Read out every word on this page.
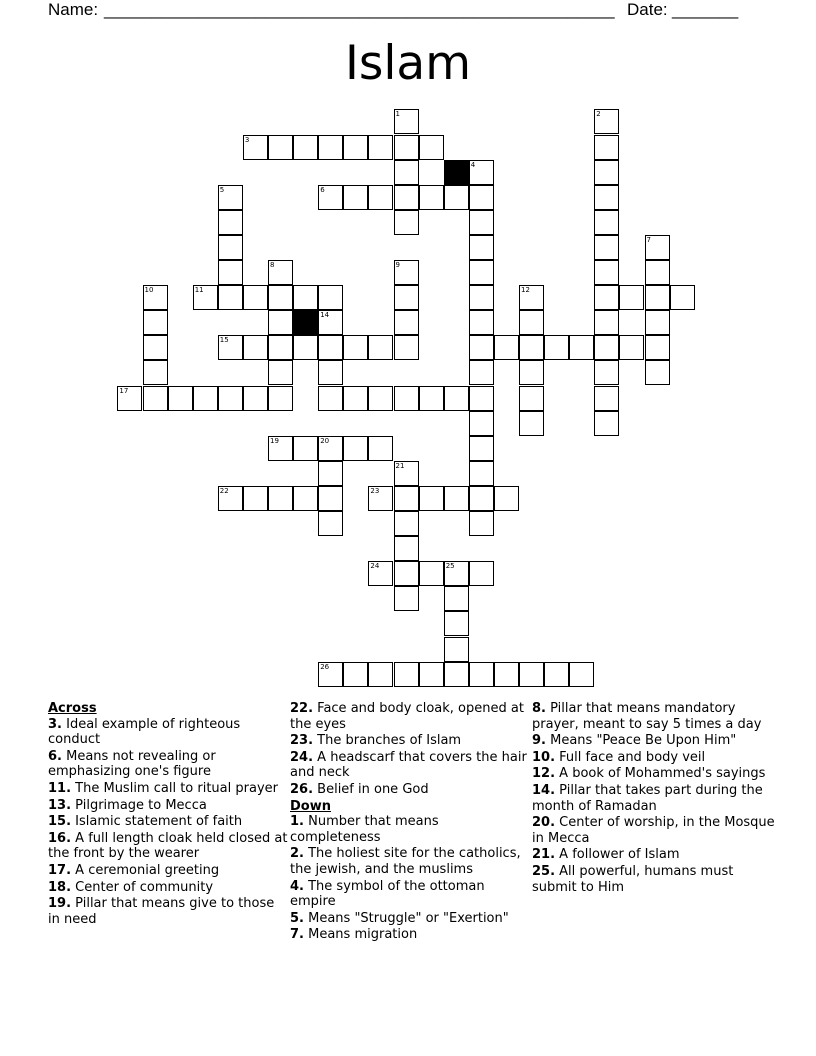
Name: ______________________________________________________ Date: _______
Islam
1
3
4
2
6
5
7
8	9
10	11	12
14
15
17
19	20
21
22	23
24	25
26
Across
3. Ideal example of righteous conduct
6. Means not revealing or emphasizing one's figure
11. The Muslim call to ritual prayer
13. Pilgrimage to Mecca
15. Islamic statement of faith
16. A full length cloak held closed at the front by the wearer
17. A ceremonial greeting
18. Center of community
19. Pillar that means give to those in need
22. Face and body cloak, opened at the eyes
23. The branches of Islam
24. A headscarf that covers the hair and neck
26. Belief in one God
Down
1. Number that means completeness
2. The holiest site for the catholics, the jewish, and the muslims
4. The symbol of the ottoman empire
5. Means "Struggle" or "Exertion"
7. Means migration
8. Pillar that means mandatory prayer, meant to say 5 times a day
9. Means "Peace Be Upon Him"
10. Full face and body veil
12. A book of Mohammed's sayings
14. Pillar that takes part during the month of Ramadan
20. Center of worship, in the Mosque in Mecca
21. A follower of Islam
25. All powerful, humans must submit to Him
